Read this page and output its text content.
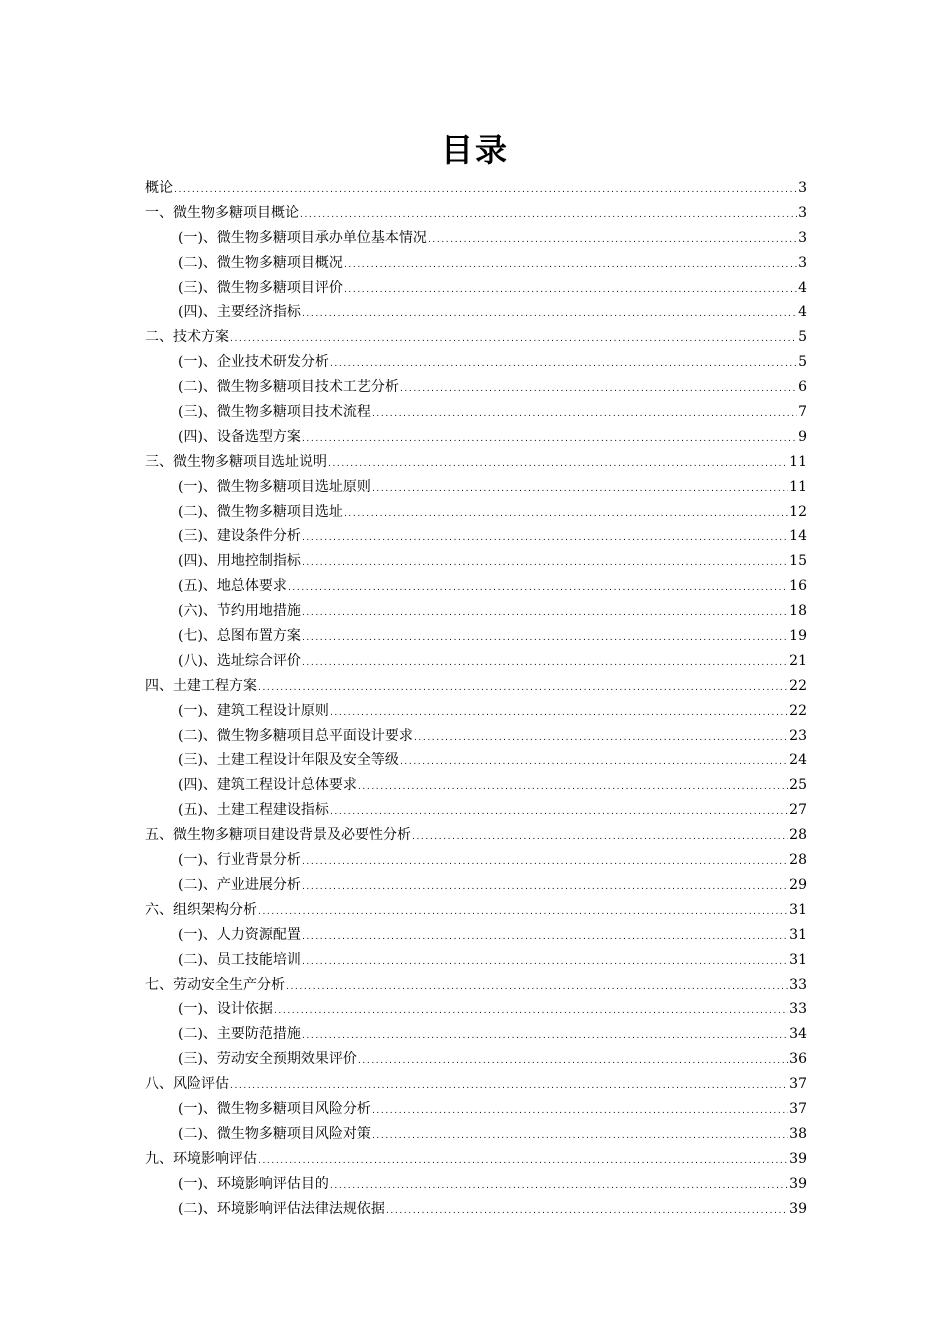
目录
概论 .....	3
一、微生物多糖项目概论 .....	3
(一)、微生物多糖项目承办单位基本情况 .....	3
(二)、微生物多糖项目概况 .....	3
(三)、微生物多糖项目评价 .....	4
(四)、主要经济指标 .....	4
二、技术方案 .....	5
(一)、企业技术研发分析 .....	5
(二)、微生物多糖项目技术工艺分析 .....	6
(三)、微生物多糖项目技术流程 .....	7
(四)、设备选型方案 .....	9
三、微生物多糖项目选址说明 .....	11
(一)、微生物多糖项目选址原则 .....	11
(二)、微生物多糖项目选址 .....	12
(三)、建设条件分析 .....	14
(四)、用地控制指标 .....	15
(五)、地总体要求 .....	16
(六)、节约用地措施 .....	18
(七)、总图布置方案 .....	19
(八)、选址综合评价 .....	21
四、土建工程方案 .....	22
(一)、建筑工程设计原则 .....	22
(二)、微生物多糖项目总平面设计要求 .....	23
(三)、土建工程设计年限及安全等级 .....	24
(四)、建筑工程设计总体要求 .....	25
(五)、土建工程建设指标 .....	27
五、微生物多糖项目建设背景及必要性分析 .....	28
(一)、行业背景分析 .....	28
(二)、产业进展分析 .....	29
六、组织架构分析 .....	31
(一)、人力资源配置 .....	31
(二)、员工技能培训 .....	31
七、劳动安全生产分析 .....	33
(一)、设计依据 .....	33
(二)、主要防范措施 .....	34
(三)、劳动安全预期效果评价 .....	36
八、风险评估 .....	37
(一)、微生物多糖项目风险分析 .....	37
(二)、微生物多糖项目风险对策 .....	38
九、环境影响评估 .....	39
(一)、环境影响评估目的 .....	39
(二)、环境影响评估法律法规依据 .....	39
